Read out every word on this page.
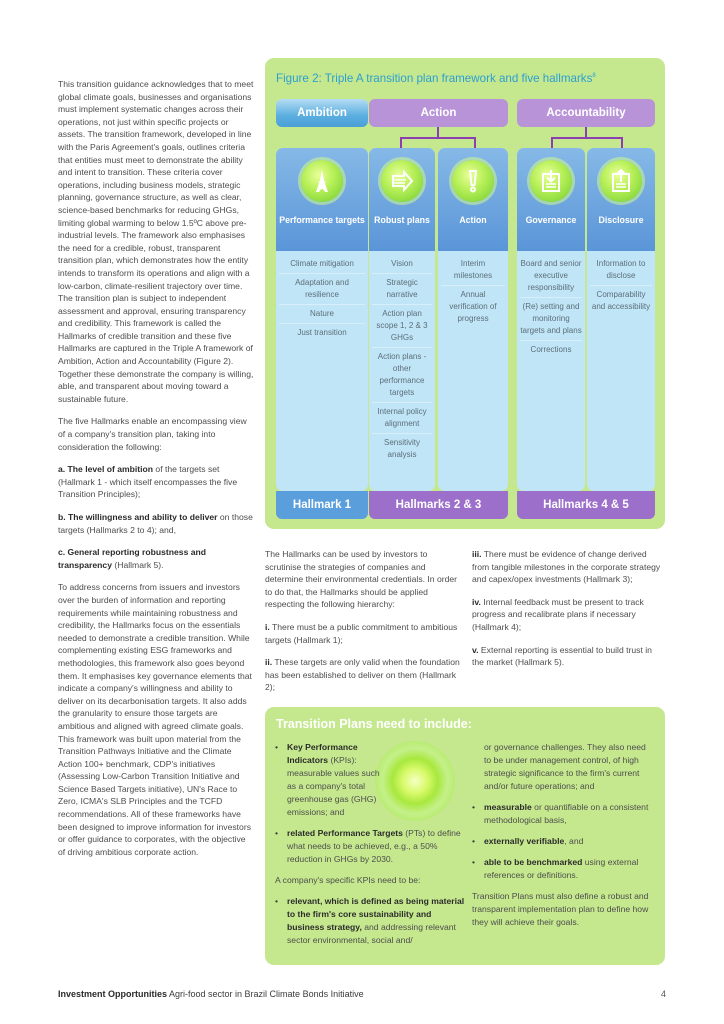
This transition guidance acknowledges that to meet global climate goals, businesses and organisations must implement systematic changes across their operations, not just within specific projects or assets. The transition framework, developed in line with the Paris Agreement's goals, outlines criteria that entities must meet to demonstrate the ability and intent to transition. These criteria cover operations, including business models, strategic planning, governance structure, as well as clear, science-based benchmarks for reducing GHGs, limiting global warming to below 1.5ºC above pre-industrial levels. The framework also emphasises the need for a credible, robust, transparent transition plan, which demonstrates how the entity intends to transform its operations and align with a low-carbon, climate-resilient trajectory over time. The transition plan is subject to independent assessment and approval, ensuring transparency and credibility. This framework is called the Hallmarks of credible transition and these five Hallmarks are captured in the Triple A framework of Ambition, Action and Accountability (Figure 2). Together these demonstrate the company is willing, able, and transparent about moving toward a sustainable future.

The five Hallmarks enable an encompassing view of a company's transition plan, taking into consideration the following:

a. The level of ambition of the targets set (Hallmark 1 - which itself encompasses the five Transition Principles);
b. The willingness and ability to deliver on those targets (Hallmarks 2 to 4); and,
c. General reporting robustness and transparency (Hallmark 5).

To address concerns from issuers and investors over the burden of information and reporting requirements while maintaining robustness and credibility, the Hallmarks focus on the essentials needed to demonstrate a credible transition. While complementing existing ESG frameworks and methodologies, this framework also goes beyond them. It emphasises key governance elements that indicate a company's willingness and ability to deliver on its decarbonisation targets. It also adds the granularity to ensure those targets are ambitious and aligned with agreed climate goals. This framework was built upon material from the Transition Pathways Initiative and the Climate Action 100+ benchmark, CDP's initiatives (Assessing Low-Carbon Transition Initiative and Science Based Targets initiative), UN's Race to Zero, ICMA's SLB Principles and the TCFD recommendations. All of these frameworks have been designed to improve information for investors or offer guidance to corporates, with the objective of driving ambitious corporate action.

Figure 2: Triple A transition plan framework and five hallmarks$^8$
Ambition	Action	Accountability
Performance targets
Climate mitigation
Adaptation and resilience
Nature
Just transition
Robust plans
Vision
Strategic narrative
Action plan scope 1, 2 & 3 GHGs
Action plans - other performance targets
Internal policy alignment
Sensitivity analysis
Action
Interim milestones
Annual verification of progress
Governance
Board and senior executive responsibility
(Re) setting and monitoring targets and plans
Corrections
Disclosure
Information to disclose
Comparability and accessibility
Hallmark 1	Hallmarks 2 & 3	Hallmarks 4 & 5

The Hallmarks can be used by investors to scrutinise the strategies of companies and determine their environmental credentials. In order to do that, the Hallmarks should be applied respecting the following hierarchy:

i. There must be a public commitment to ambitious targets (Hallmark 1);

ii. These targets are only valid when the foundation has been established to deliver on them (Hallmark 2);

iii. There must be evidence of change derived from tangible milestones in the corporate strategy and capex/opex investments (Hallmark 3);

iv. Internal feedback must be present to track progress and recalibrate plans if necessary (Hallmark 4);

v. External reporting is essential to build trust in the market (Hallmark 5).

Transition Plans need to include:
• Key Performance Indicators (KPIs): measurable values such as a company's total greenhouse gas (GHG) emissions; and
• related Performance Targets (PTs) to define what needs to be achieved, e.g., a 50% reduction in GHGs by 2030.

A company's specific KPIs need to be:

• relevant, which is defined as being material to the firm's core sustainability and business strategy, and addressing relevant sector environmental, social and/

or governance challenges. They also need to be under management control, of high strategic significance to the firm's current and/or future operations; and

• measurable or quantifiable on a consistent methodological basis,
• externally verifiable, and
• able to be benchmarked using external references or definitions.

Transition Plans must also define a robust and transparent implementation plan to define how they will achieve their goals.

Investment Opportunities Agri-food sector in Brazil Climate Bonds Initiative	4
